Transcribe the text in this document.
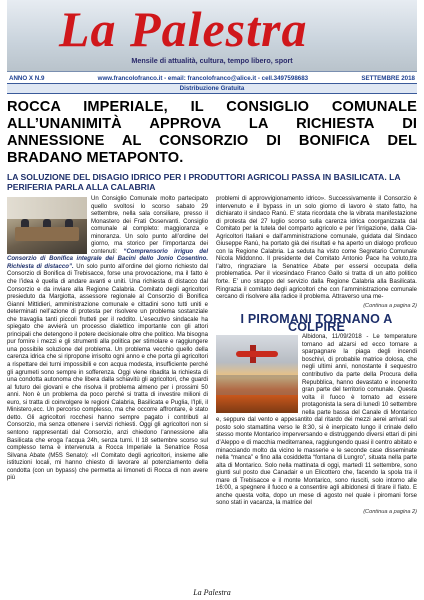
La Palestra
Mensile di attualità, cultura, tempo libero, sport
ANNO X N.9	www.francolofranco.it - email: francolofranco@alice.it - cell.3497598683	SETTEMBRE 2018
Distribuzione Gratuita
ROCCA IMPERIALE, IL CONSIGLIO COMUNALE ALL’UNANIMITÀ APPROVA LA RICHIESTA DI ANNESSIONE AL CONSORZIO DI BONIFICA DEL BRADANO METAPONTO.
LA SOLUZIONE DEL DISAGIO IDRICO PER I PRODUTTORI AGRICOLI PASSA IN BASILICATA. LA PERIFERIA PARLA ALLA CALABRIA

Un Consiglio Comunale molto partecipato quello svoltosi lo scorso sabato 29 settembre, nella sala consiliare, presso il Monastero dei Frati Osservanti. Consiglio comunale al completo: maggioranza e minoranza. Un solo punto all’ordine del giorno, ma storico per l’importanza dei contenuti: “Comprensorio irriguo del Consorzio di Bonifica integrale dei Bacini dello Jonio Cosentino. Richiesta di distacco”. Un solo punto all’ordine del giorno richiesto dal Consorzio di Bonifica di Trebisacce, forse una provocazione, ma il fatto è che l’idea è quella di andare avanti e uniti. Una richiesta di distacco dal Consorzio e da inviare alla Regione Calabria. Comitato degli agricoltori presieduto da Margiotta, assessore regionale al Consorzio di Bonifica Gianni Mittidieri, amministrazione comunale e cittadini sono tutti uniti e determinati nell’azione di protesta per risolvere un problema sostanziale che travaglia tanti piccoli frutteti per il reddito. L’esecutivo sindacale ha spiegato che avvierà un processo dialettico importante con gli attori principali che detengono il potere decisionale oltre che politico. Ma bisogna pur fornire i mezzi e gli strumenti alla politica per stimolare e raggiungere una possibile soluzione del problema. Un problema vecchio quello della carenza idrica che si ripropone irrisolto ogni anno e che porta gli agricoltori a rispettare dei turni impossibili e con acqua modesta, insufficiente perché gli agrumeti sono sempre in sofferenza. Oggi viene ribadita la richiesta di una condotta autonoma che libera dalla schiavitù gli agricoltori, che guardi al futuro dei giovani e che risolva il problema almeno per i prossimi 50 anni. Non è un problema da poco perché si tratta di investire milioni di euro, si tratta di coinvolgere le regioni Calabria, Basilicata e Puglia, l’Ipli, il Ministero,ecc. Un percorso complesso, ma che occorre affrontare, è stato detto. Gli agricoltori rocchesi hanno sempre pagato i contributi al Consorzio, ma senza ottenere i servizi richiesti. Oggi gli agricoltori non si sentono rappresentati dal Consorzio, anzi chiedono l’annessione alla Basilicata che eroga l’acqua 24h, senza turni. Il 18 settembre scorso sul complesso tema è intervenuta a Rocca Imperiale la Senatrice Rosa Silvana Abate (M5S Senato): «Il Comitato degli agricoltori, insieme alle istituzioni locali, mi hanno chiesto di lavorare al potenziamento della condotta (con un bypass) che permetta ai limoneti di Rocca di non avere più

problemi di approvvigionamento idrico». Successivamente il Consorzio è intervenuto e il bypass in un solo giorno di lavoro è stato fatto, ha dichiarato il sindaco Ranù. E’ stata ricordata che la vibrata manifestazione di protesta del 27 luglio scorso sulla carenza idrica coorganizzata dal Comitato per la tutela del comparto agricolo e per l’irrigazione, dalla Cia-Agricoltori Italiani e dall’amministrazione comunale, guidata dal Sindaco Giuseppe Ranù, ha portato già dei risultati e ha aperto un dialogo proficuo con la Regione Calabria. La seduta ha visto come Segretario Comunale Nicola Middonno. Il presidente del Comitato Antonio Pace ha voluto,tra l’altro, ringraziare la Senatrice Abate per essersi occupata della problematica. Per il vicesindaco Franco Gallo si tratta di un atto politico forte. E’ uno strappo del servizio dalla Regione Calabria alla Basilicata. Ringrazia il comitato degli agricoltori che con l’amministrazione comunale cercano di risolvere alla radice il problema. Attraverso una me-

(Continua a pagina 2)
I PIROMANI TORNANO A COLPIRE

Albidona, 11/09/2018 - Le temperature tornano ad alzarsi ed ecco tornare a sparpagnare la piaga degli incendi boschivi, di probabile matrice dolosa, che negli ultimi anni, nonostante il sequestro contributivo da parte della Procura della Repubblica, hanno devastato e incenerito gran parte del territorio comunale. Questa volta il fuoco è tornato ad essere protagonista la sera di lunedì 10 settembre nella parte bassa del Canale di Montarico e, seppure dal vento e appesantito dal ritardo dei mezzi aerei arrivati sul posto solo stamattina verso le 8:30, si è inerpicato lungo il crinale dello stesso monte Montarico imperversando e distruggendo diversi ettari di pini d’Aleppo e di macchia mediterranea, raggiungendo quasi il centro abitato e minacciando molto da vicino le masserie e le seconde case disseminate nella “manca” e fino alla cosiddetta “fontana di Lungro”, situata nella parte alta di Montarico. Solo nella mattinata di oggi, martedì 11 settembre, sono giunti sul posto due Canadair e un Elicottero che, facendo la spola tra il mare di Trebisacce e il monte Montarico, sono riusciti, solo intorno alle 16:00, a spegnere il fuoco e a consentire agli albidonesi di tirare il fiato. E anche questa volta, dopo un mese di agosto nel quale i piromani forse sono stati in vacanza, la matrice del

(Continua a pagina 2)
La Palestra
